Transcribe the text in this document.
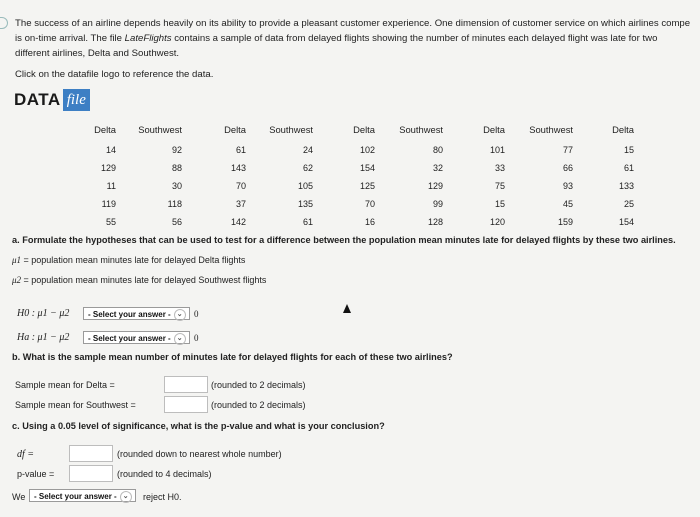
The success of an airline depends heavily on its ability to provide a pleasant customer experience. One dimension of customer service on which airlines compe
is on-time arrival. The file LateFlights contains a sample of data from delayed flights showing the number of minutes each delayed flight was late for two
different airlines, Delta and Southwest.
Click on the datafile logo to reference the data.
DATA file
Delta	Southwest	Delta	Southwest	Delta	Southwest	Delta	Southwest	Delta
14	92	61	24	102	80	101	77	15
129	88	143	62	154	32	33	66	61
11	30	70	105	125	129	75	93	133
119	118	37	135	70	99	15	45	25
55	56	142	61	16	128	120	159	154
a. Formulate the hypotheses that can be used to test for a difference between the population mean minutes late for delayed flights by these two airlines.
μ1 = population mean minutes late for delayed Delta flights
μ2 = population mean minutes late for delayed Southwest flights
H0 : μ1 − μ2	- Select your answer - ⌄	0
Ha : μ1 − μ2	- Select your answer - ⌄	0
b. What is the sample mean number of minutes late for delayed flights for each of these two airlines?
Sample mean for Delta =	(rounded to 2 decimals)
Sample mean for Southwest =	(rounded to 2 decimals)
c. Using a 0.05 level of significance, what is the p-value and what is your conclusion?
df =	(rounded down to nearest whole number)
p-value =	(rounded to 4 decimals)
We	- Select your answer - ⌄	reject H0.
